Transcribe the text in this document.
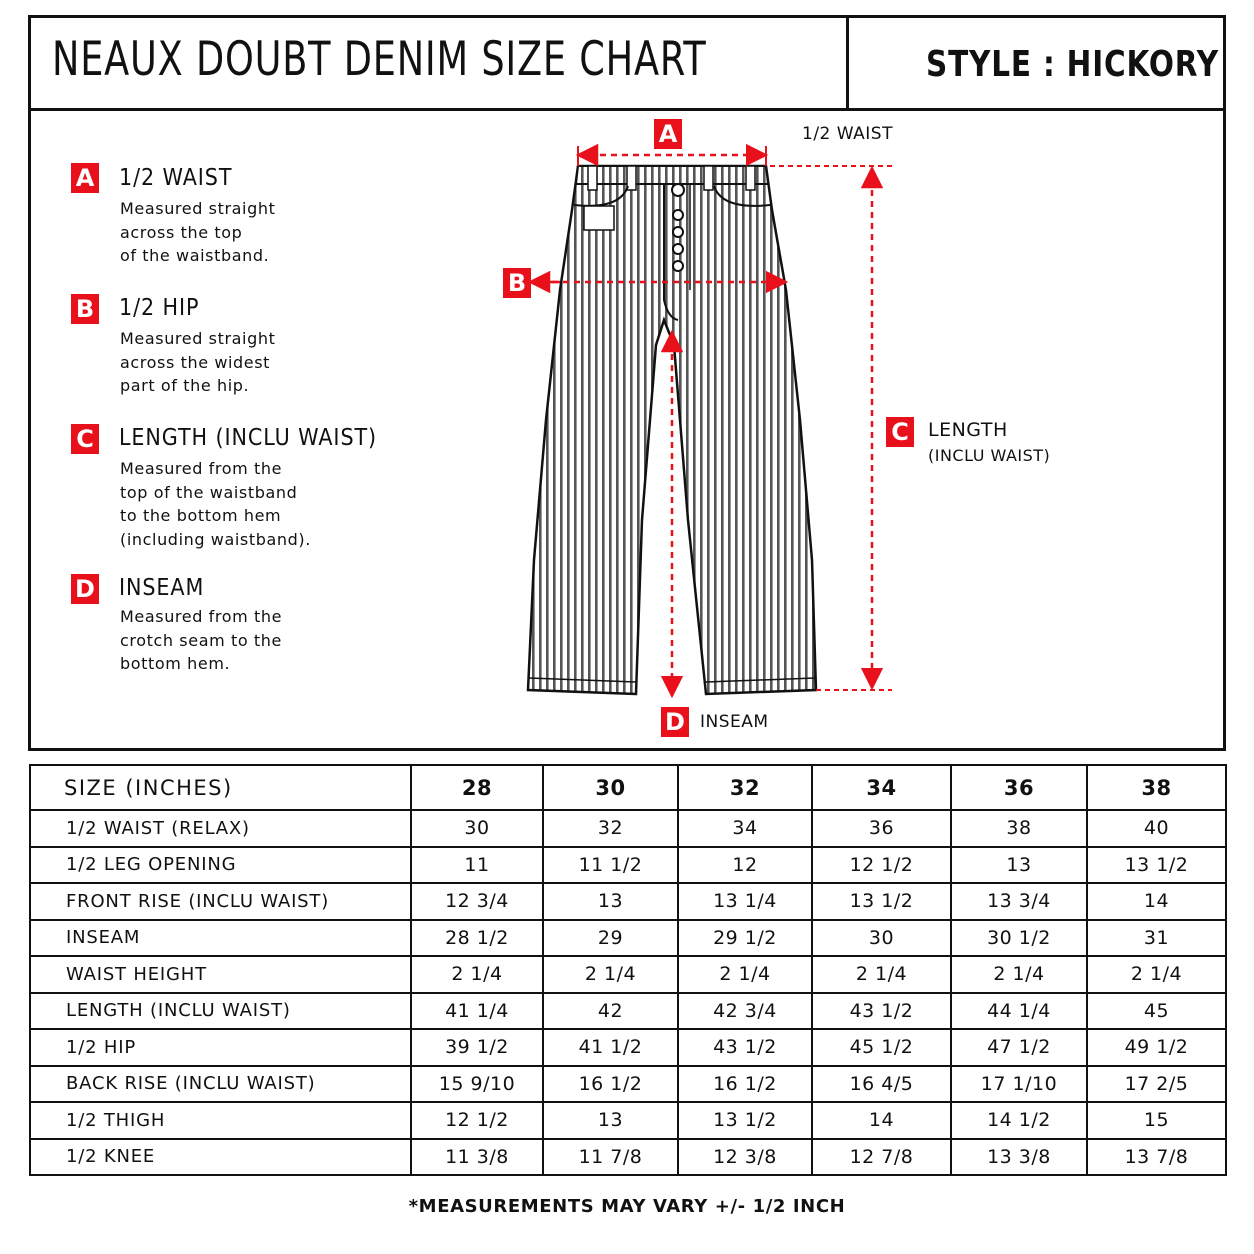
NEAUX DOUBT DENIM SIZE CHART	STYLE : HICKORY
A 1/2 WAIST
Measured straight
across the top
of the waistband.
B 1/2 HIP
Measured straight
across the widest
part of the hip.
C LENGTH (INCLU WAIST)
Measured from the
top of the waistband
to the bottom hem
(including waistband).
D INSEAM
Measured from the
crotch seam to the
bottom hem.
A	1/2 WAIST
B
C LENGTH
(INCLU WAIST)
D INSEAM
SIZE (INCHES)	28	30	32	34	36	38
1/2 WAIST (RELAX)	30	32	34	36	38	40
1/2 LEG OPENING	11	11 1/2	12	12 1/2	13	13 1/2
FRONT RISE (INCLU WAIST)	12 3/4	13	13 1/4	13 1/2	13 3/4	14
INSEAM	28 1/2	29	29 1/2	30	30 1/2	31
WAIST HEIGHT	2 1/4	2 1/4	2 1/4	2 1/4	2 1/4	2 1/4
LENGTH (INCLU WAIST)	41 1/4	42	42 3/4	43 1/2	44 1/4	45
1/2 HIP	39 1/2	41 1/2	43 1/2	45 1/2	47 1/2	49 1/2
BACK RISE (INCLU WAIST)	15 9/10	16 1/2	16 1/2	16 4/5	17 1/10	17 2/5
1/2 THIGH	12 1/2	13	13 1/2	14	14 1/2	15
1/2 KNEE	11 3/8	11 7/8	12 3/8	12 7/8	13 3/8	13 7/8
*MEASUREMENTS MAY VARY +/- 1/2 INCH
